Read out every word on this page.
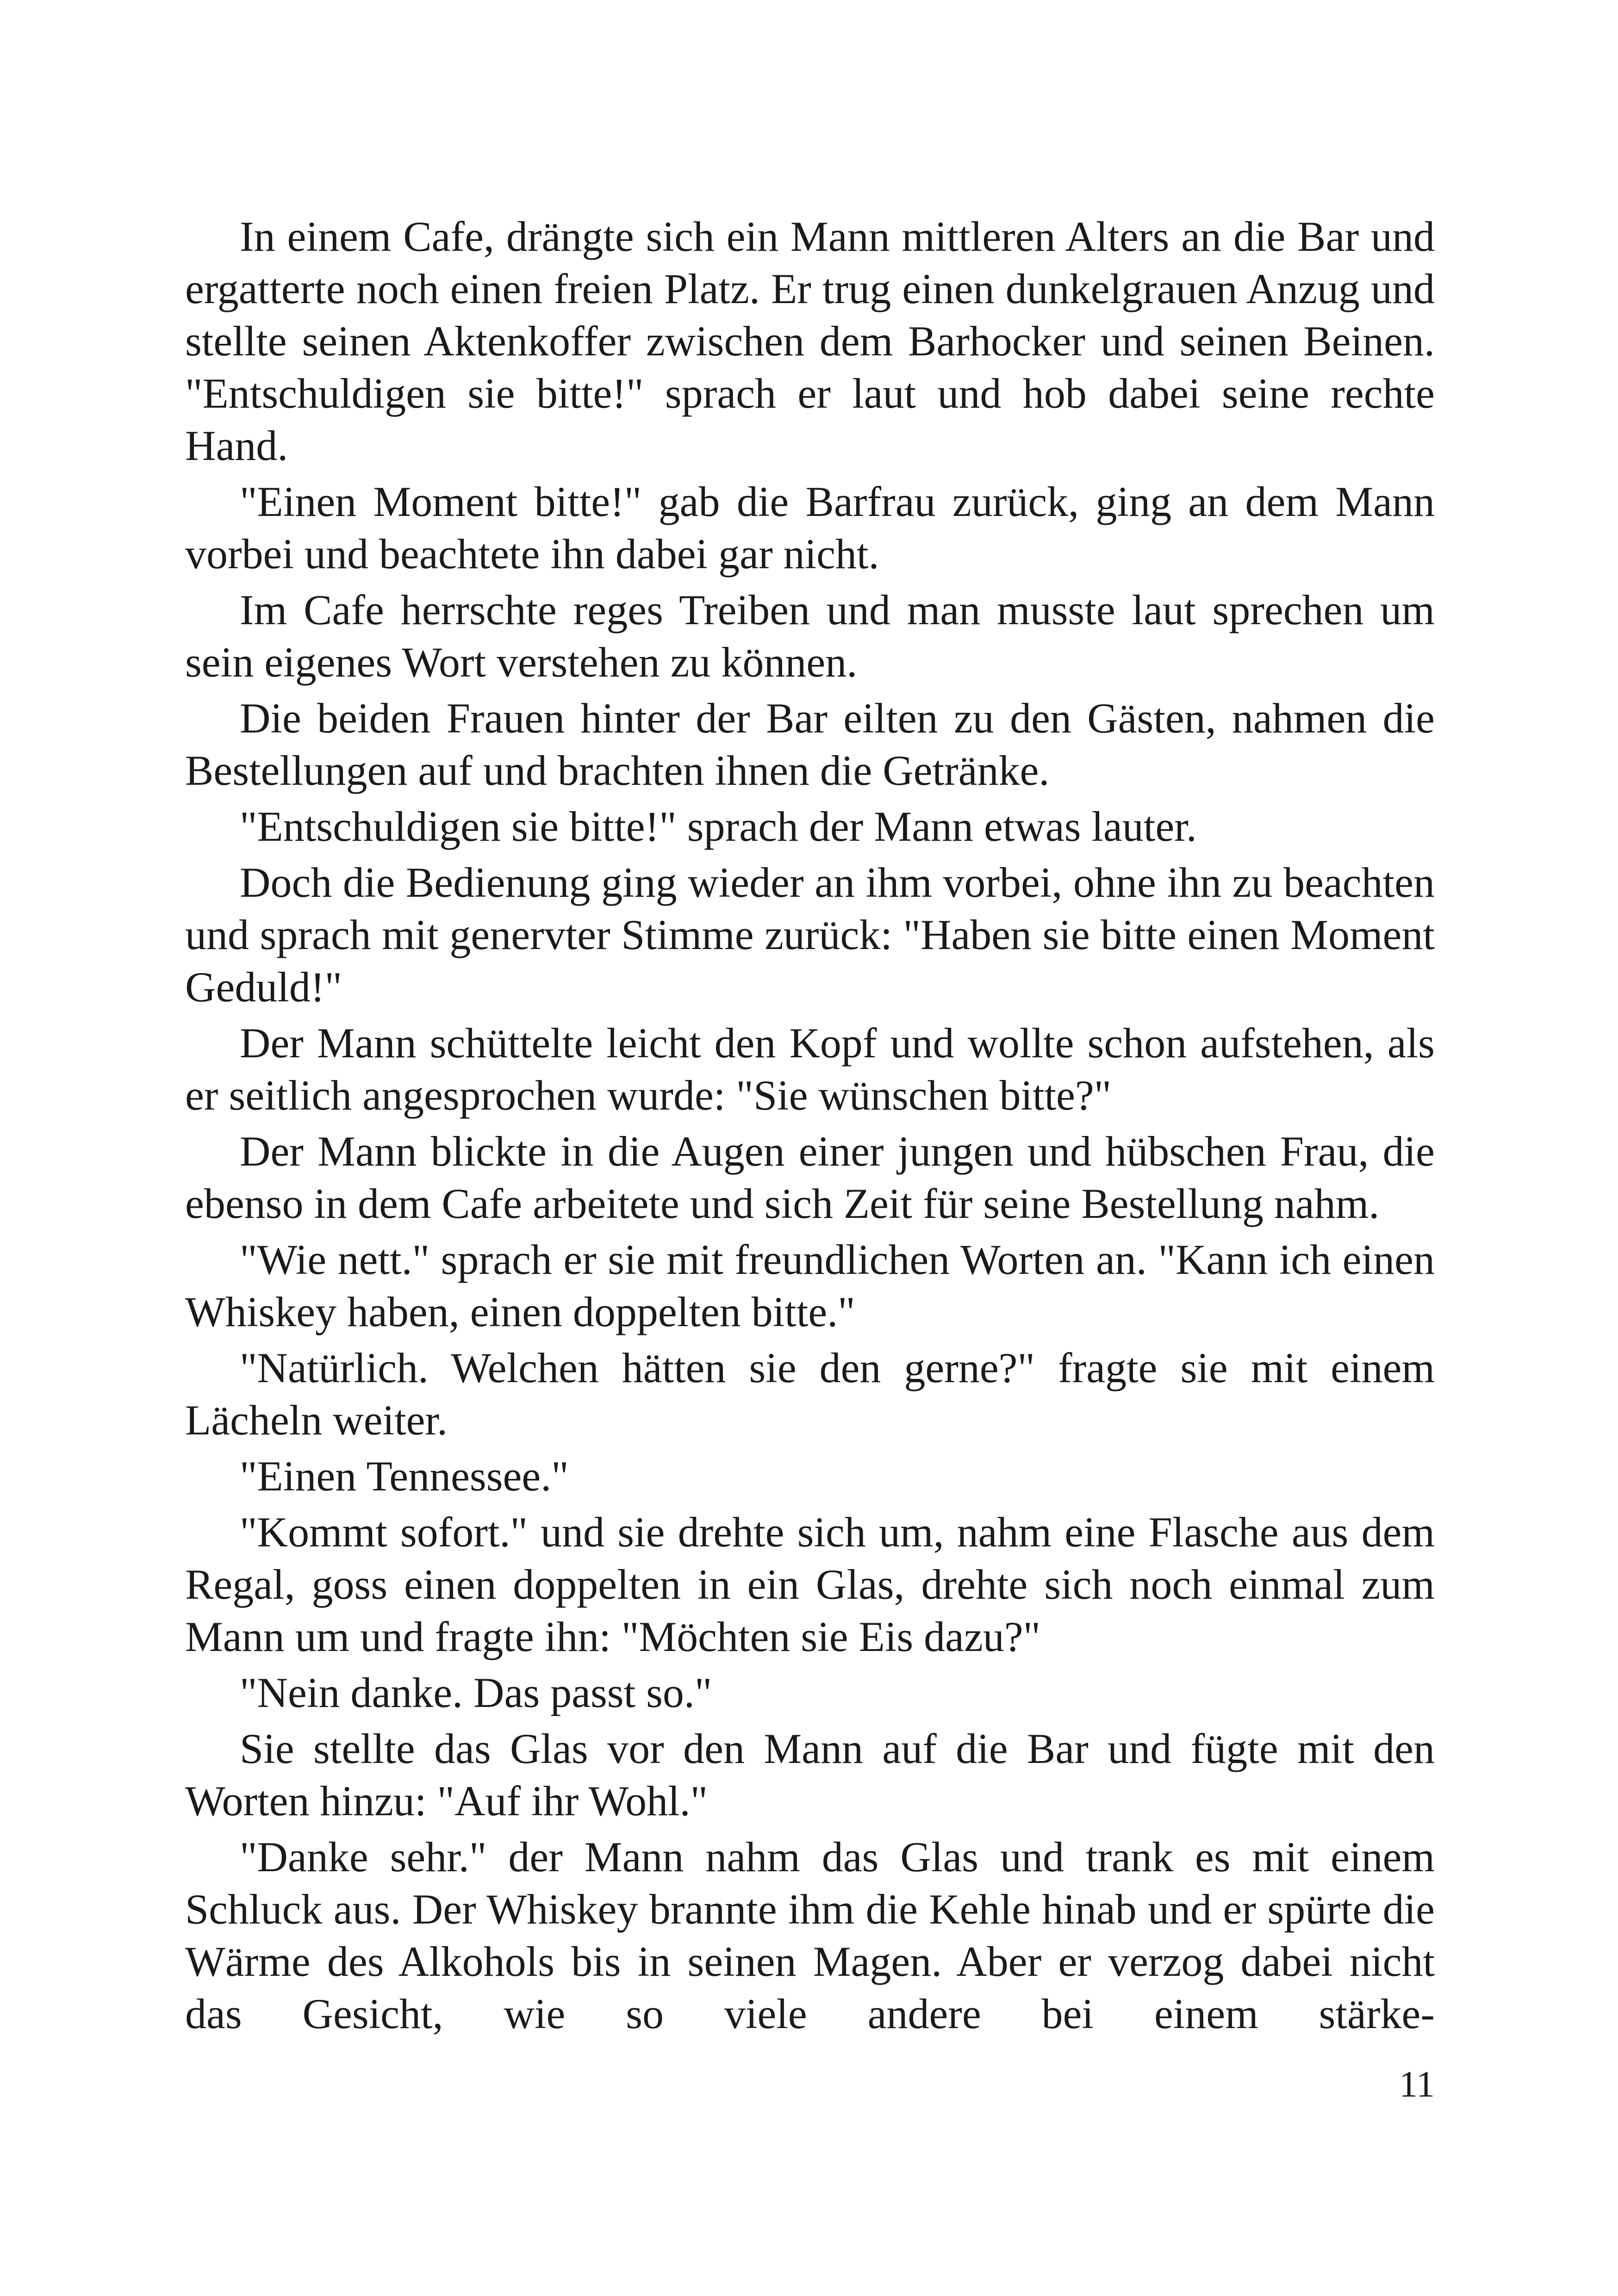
In einem Cafe, drängte sich ein Mann mittleren Alters an die Bar und ergatterte noch einen freien Platz. Er trug einen dunkelgrauen Anzug und stellte seinen Aktenkoffer zwischen dem Barhocker und seinen Beinen. "Entschuldigen sie bitte!" sprach er laut und hob dabei seine rechte Hand.

"Einen Moment bitte!" gab die Barfrau zurück, ging an dem Mann vorbei und beachtete ihn dabei gar nicht.

Im Cafe herrschte reges Treiben und man musste laut sprechen um sein eigenes Wort verstehen zu können.

Die beiden Frauen hinter der Bar eilten zu den Gästen, nahmen die Bestellungen auf und brachten ihnen die Getränke.

"Entschuldigen sie bitte!" sprach der Mann etwas lauter.

Doch die Bedienung ging wieder an ihm vorbei, ohne ihn zu beachten und sprach mit genervter Stimme zurück: "Haben sie bitte einen Moment Geduld!"

Der Mann schüttelte leicht den Kopf und wollte schon aufstehen, als er seitlich angesprochen wurde: "Sie wünschen bitte?"

Der Mann blickte in die Augen einer jungen und hübschen Frau, die ebenso in dem Cafe arbeitete und sich Zeit für seine Bestellung nahm.

"Wie nett." sprach er sie mit freundlichen Worten an. "Kann ich einen Whiskey haben, einen doppelten bitte."

"Natürlich. Welchen hätten sie den gerne?" fragte sie mit einem Lächeln weiter.

"Einen Tennessee."

"Kommt sofort." und sie drehte sich um, nahm eine Flasche aus dem Regal, goss einen doppelten in ein Glas, drehte sich noch einmal zum Mann um und fragte ihn: "Möchten sie Eis dazu?"

"Nein danke. Das passt so."

Sie stellte das Glas vor den Mann auf die Bar und fügte mit den Worten hinzu: "Auf ihr Wohl."

"Danke sehr." der Mann nahm das Glas und trank es mit einem Schluck aus. Der Whiskey brannte ihm die Kehle hinab und er spürte die Wärme des Alkohols bis in seinen Magen. Aber er verzog dabei nicht das Gesicht, wie so viele andere bei einem stärke-

11
